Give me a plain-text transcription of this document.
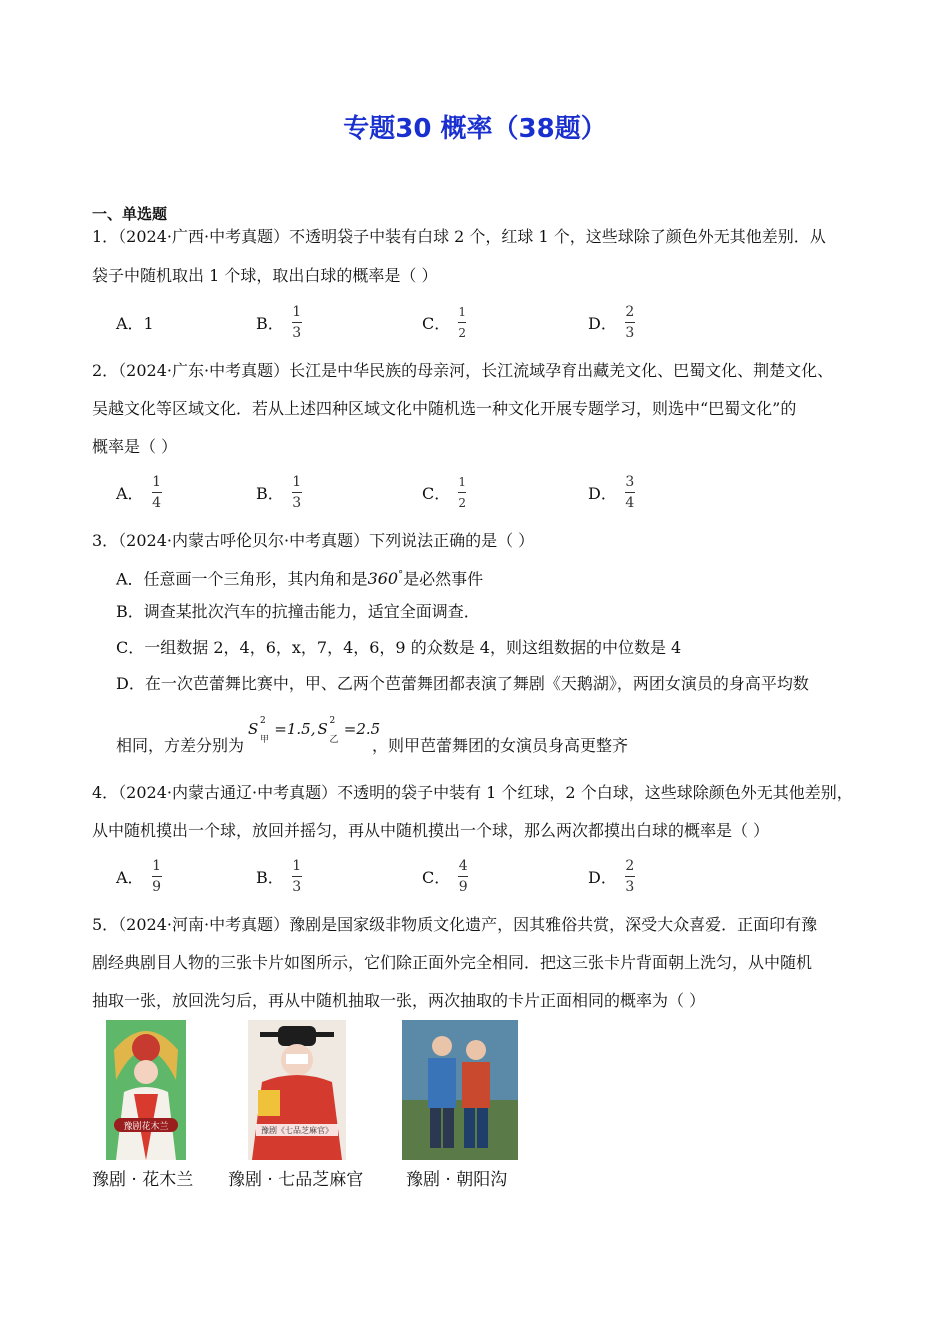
专题30 概率（38题）
一、单选题
1．（2024·广西·中考真题）不透明袋子中装有白球 2 个，红球 1 个，这些球除了颜色外无其他差别．从
袋子中随机取出 1 个球，取出白球的概率是（ ）
A．1	B． $\frac{1}{3}$	C． $\frac{1}{2}$	D． $\frac{2}{3}$
2．（2024·广东·中考真题）长江是中华民族的母亲河，长江流域孕育出藏羌文化、巴蜀文化、荆楚文化、
吴越文化等区域文化．若从上述四种区域文化中随机选一种文化开展专题学习，则选中“巴蜀文化”的
概率是（ ）
A． $\frac{1}{4}$	B． $\frac{1}{3}$	C． $\frac{1}{2}$	D． $\frac{3}{4}$
3．（2024·内蒙古呼伦贝尔·中考真题）下列说法正确的是（ ）
A．任意画一个三角形，其内角和是360°是必然事件
B．调查某批次汽车的抗撞击能力，适宜全面调查．
C．一组数据 2，4，6，x，7，4，6，9 的众数是 4，则这组数据的中位数是 4
D．在一次芭蕾舞比赛中，甲、乙两个芭蕾舞团都表演了舞剧《天鹅湖》，两团女演员的身高平均数
相同，方差分别为
S 2
甲
=1.5, S 2
乙
=2.5
，则甲芭蕾舞团的女演员身高更整齐
4．（2024·内蒙古通辽·中考真题）不透明的袋子中装有 1 个红球，2 个白球，这些球除颜色外无其他差别，
从中随机摸出一个球，放回并摇匀，再从中随机摸出一个球，那么两次都摸出白球的概率是（ ）
A． $\frac{1}{9}$	B． $\frac{1}{3}$	C． $\frac{4}{9}$	D． $\frac{2}{3}$
5．（2024·河南·中考真题）豫剧是国家级非物质文化遗产，因其雅俗共赏，深受大众喜爱．正面印有豫
剧经典剧目人物的三张卡片如图所示，它们除正面外完全相同．把这三张卡片背面朝上洗匀，从中随机
抽取一张，放回洗匀后，再从中随机抽取一张，两次抽取的卡片正面相同的概率为（ ）
豫剧花木兰
豫剧 · 花木兰
豫剧《七品芝麻官》
豫剧 · 七品芝麻官	豫剧 · 朝阳沟
